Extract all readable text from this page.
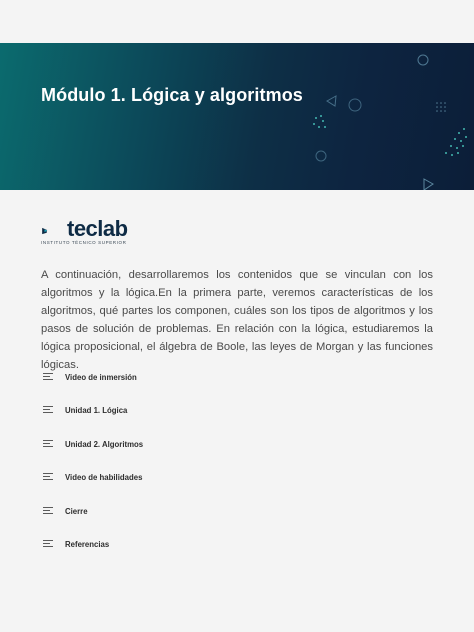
Módulo 1. Lógica y algoritmos
teclab
INSTITUTO TÉCNICO SUPERIOR

A continuación, desarrollaremos los contenidos que se vinculan con los algoritmos y la lógica.En la primera parte, veremos características de los algoritmos, qué partes los componen, cuáles son los tipos de algoritmos y los pasos de solución de problemas. En relación con la lógica, estudiaremos la lógica proposicional, el álgebra de Boole, las leyes de Morgan y las funciones lógicas.

Video de inmersión
Unidad 1. Lógica
Unidad 2. Algoritmos
Video de habilidades
Cierre
Referencias
